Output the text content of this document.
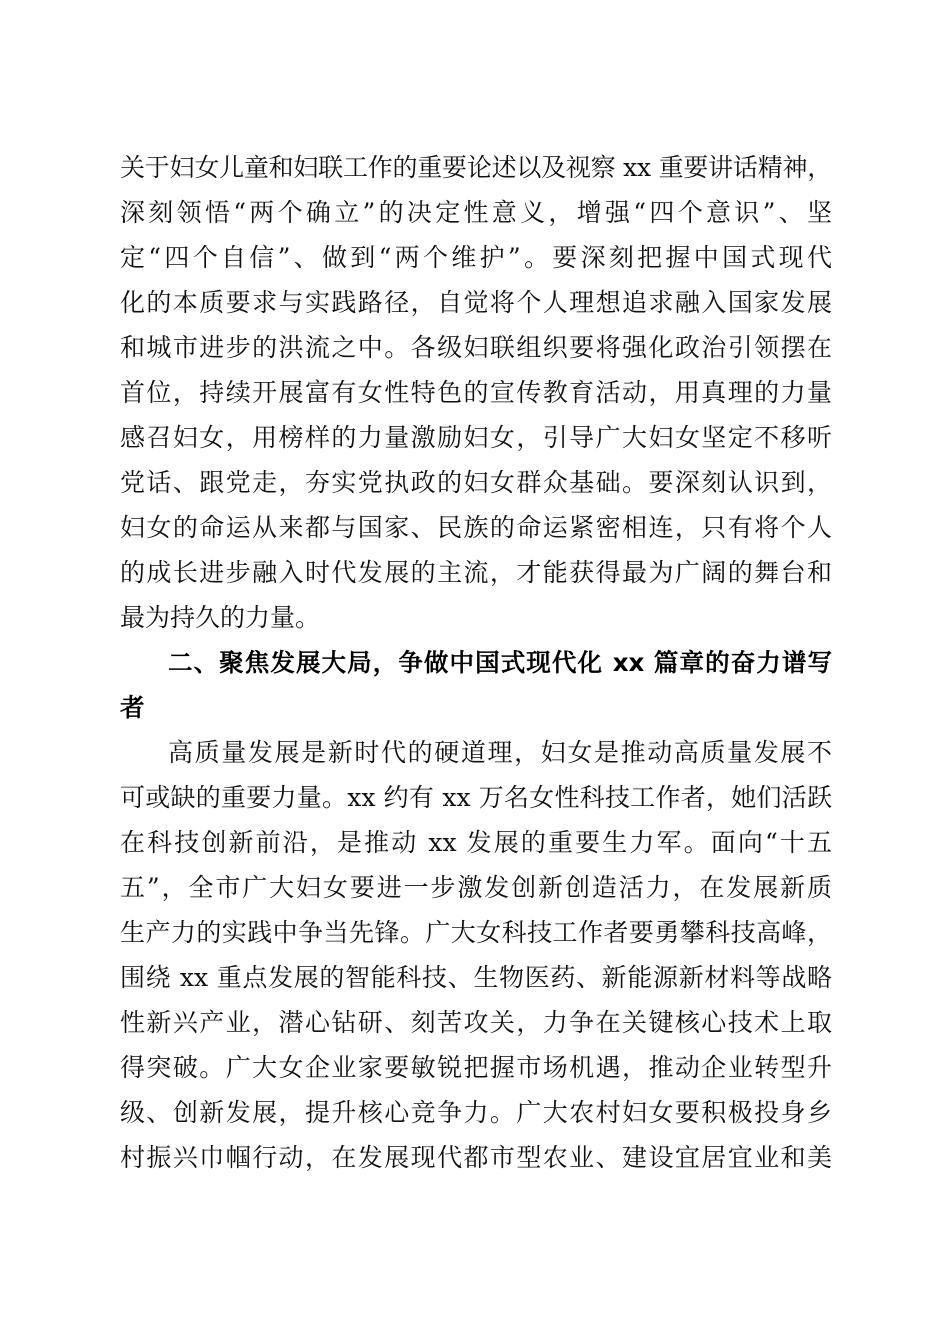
关于妇女儿童和妇联工作的重要论述以及视察 xx 重要讲话精神，

深刻领悟“两个确立”的决定性意义，增强“四个意识”、坚

定“四个自信”、做到“两个维护”。要深刻把握中国式现代

化的本质要求与实践路径，自觉将个人理想追求融入国家发展

和城市进步的洪流之中。各级妇联组织要将强化政治引领摆在

首位，持续开展富有女性特色的宣传教育活动，用真理的力量

感召妇女，用榜样的力量激励妇女，引导广大妇女坚定不移听

党话、跟党走，夯实党执政的妇女群众基础。要深刻认识到，

妇女的命运从来都与国家、民族的命运紧密相连，只有将个人

的成长进步融入时代发展的主流，才能获得最为广阔的舞台和

最为持久的力量。

二、聚焦发展大局，争做中国式现代化 xx 篇章的奋力谱写

者

高质量发展是新时代的硬道理，妇女是推动高质量发展不

可或缺的重要力量。xx 约有 xx 万名女性科技工作者，她们活跃

在科技创新前沿，是推动 xx 发展的重要生力军。面向“十五

五”，全市广大妇女要进一步激发创新创造活力，在发展新质

生产力的实践中争当先锋。广大女科技工作者要勇攀科技高峰，

围绕 xx 重点发展的智能科技、生物医药、新能源新材料等战略

性新兴产业，潜心钻研、刻苦攻关，力争在关键核心技术上取

得突破。广大女企业家要敏锐把握市场机遇，推动企业转型升

级、创新发展，提升核心竞争力。广大农村妇女要积极投身乡

村振兴巾帼行动，在发展现代都市型农业、建设宜居宜业和美
